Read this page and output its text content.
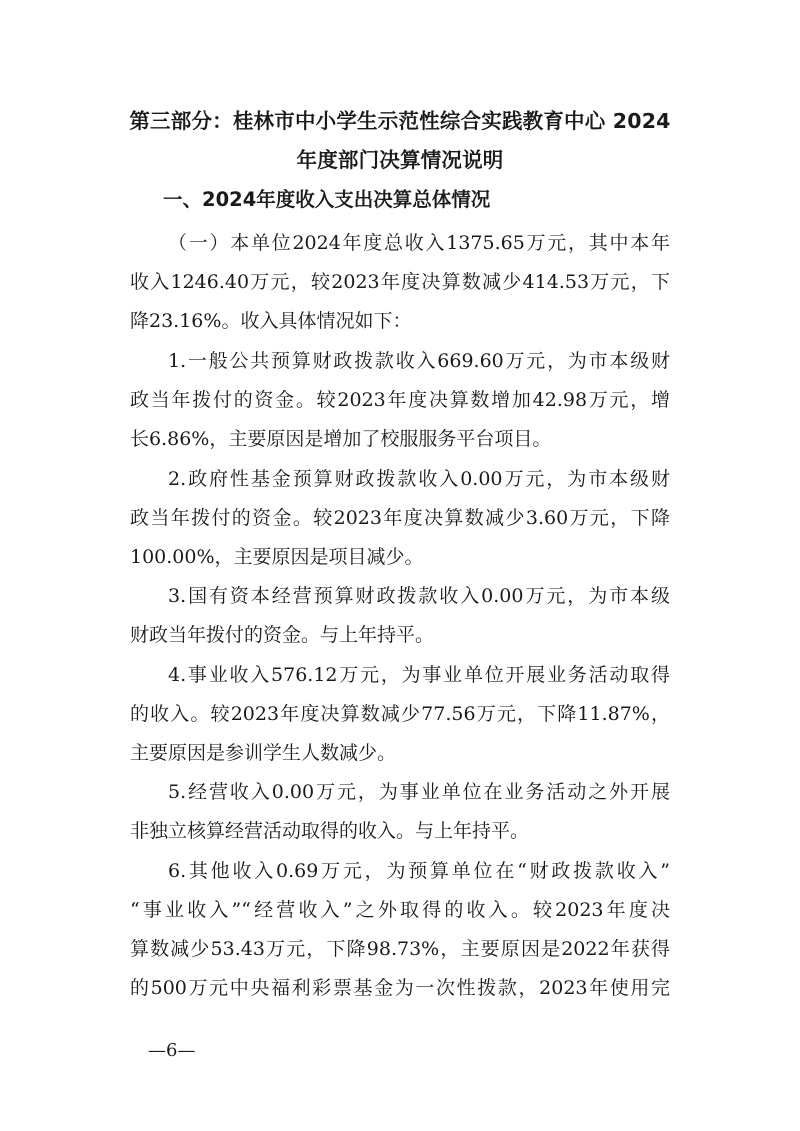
第三部分：桂林市中小学生示范性综合实践教育中心 2024
年度部门决算情况说明
一、2024年度收入支出决算总体情况
（一）本单位2024年度总收入1375.65万元，其中本年
收入1246.40万元，较2023年度决算数减少414.53万元，下
降23.16%。收入具体情况如下：
1.一般公共预算财政拨款收入669.60万元，为市本级财
政当年拨付的资金。较2023年度决算数增加42.98万元，增
长6.86%，主要原因是增加了校服服务平台项目。
2.政府性基金预算财政拨款收入0.00万元，为市本级财
政当年拨付的资金。较2023年度决算数减少3.60万元，下降
100.00%，主要原因是项目减少。
3.国有资本经营预算财政拨款收入0.00万元，为市本级
财政当年拨付的资金。与上年持平。
4.事业收入576.12万元，为事业单位开展业务活动取得
的收入。较2023年度决算数减少77.56万元，下降11.87%，
主要原因是参训学生人数减少。
5.经营收入0.00万元，为事业单位在业务活动之外开展
非独立核算经营活动取得的收入。与上年持平。
6.其他收入0.69万元，为预算单位在“财政拨款收入”
“事业收入”“经营收入”之外取得的收入。较2023年度决
算数减少53.43万元，下降98.73%，主要原因是2022年获得
的500万元中央福利彩票基金为一次性拨款，2023年使用完
—6—
